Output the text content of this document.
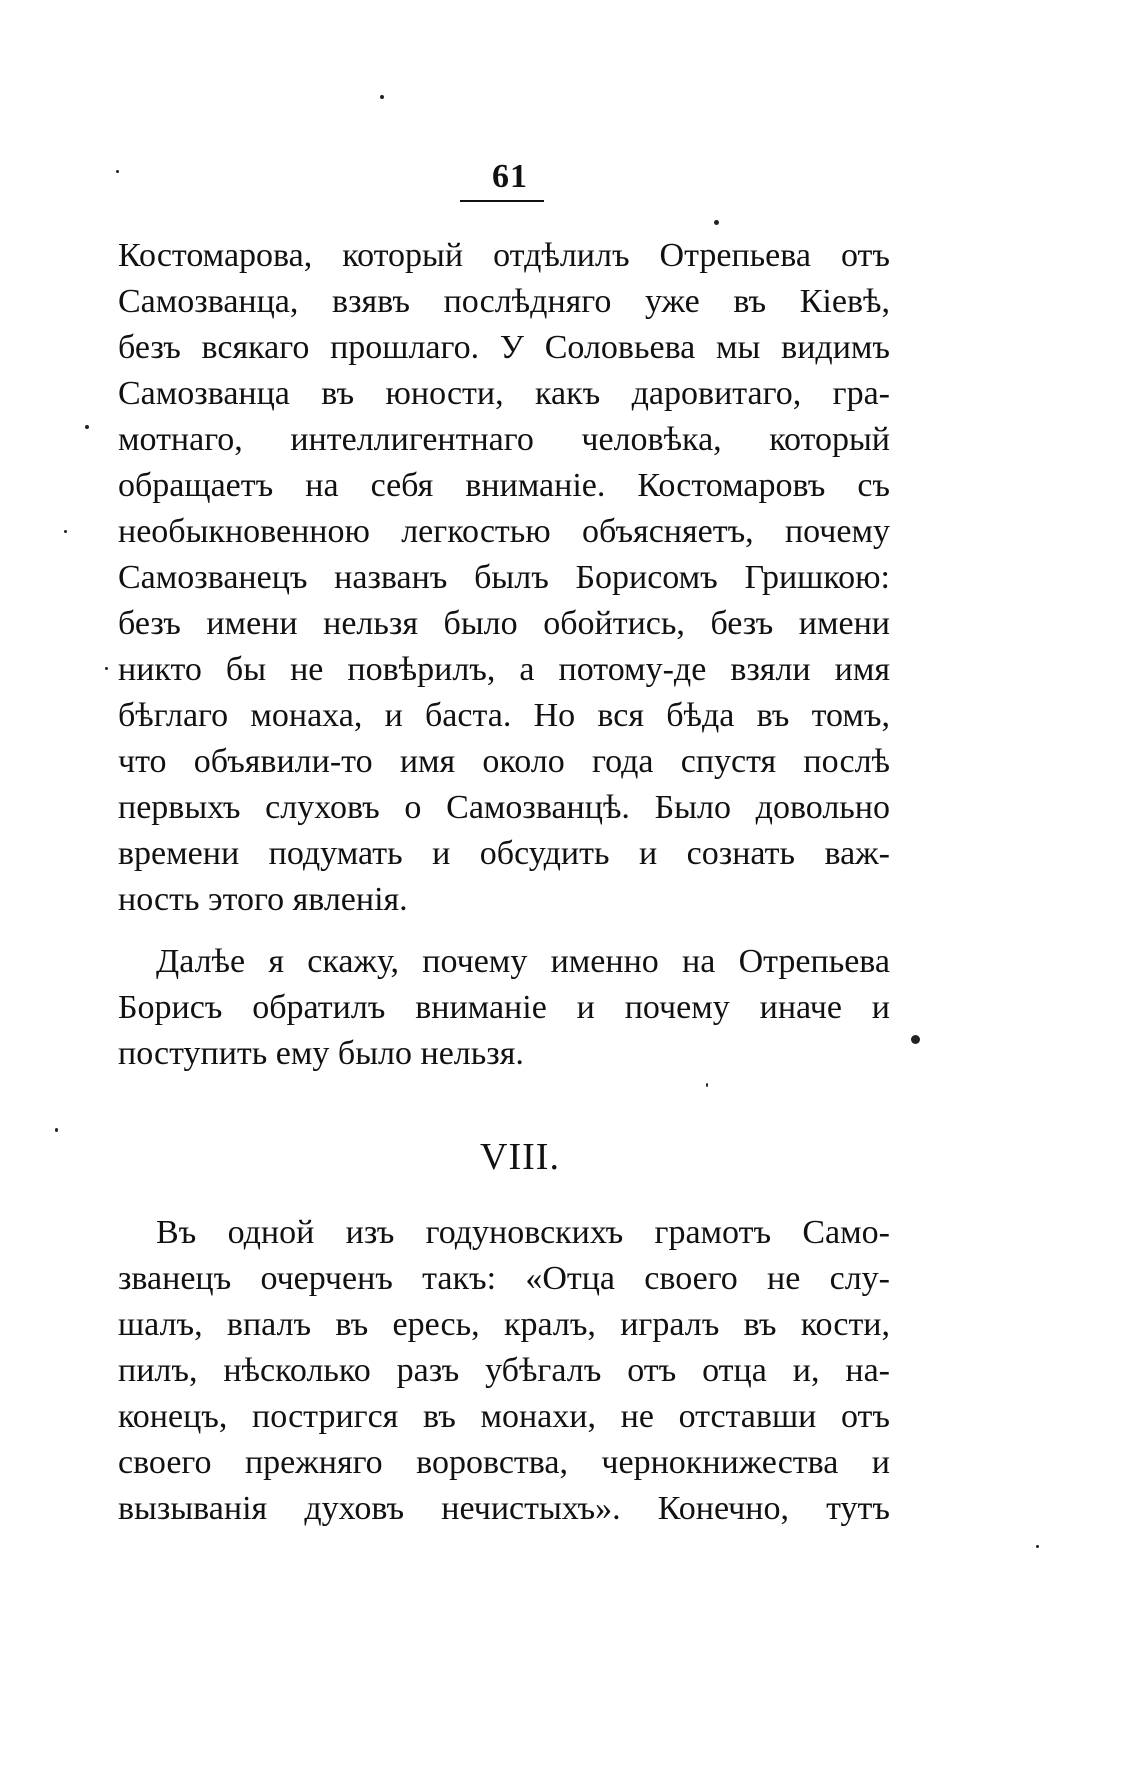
61
Костомарова, который отдѣлилъ Отрепьева отъ
Самозванца, взявъ послѣдняго уже въ Кіевѣ,
безъ всякаго прошлаго. У Соловьева мы видимъ
Самозванца въ юности, какъ даровитаго, гра-
мотнаго, интеллигентнаго человѣка, который
обращаетъ на себя вниманіе. Костомаровъ съ
необыкновенною легкостью объясняетъ, почему
Самозванецъ названъ былъ Борисомъ Гришкою:
безъ имени нельзя было обойтись, безъ имени
никто бы не повѣрилъ, а потому-де взяли имя
бѣглаго монаха, и баста. Но вся бѣда въ томъ,
что объявили-то имя около года спустя послѣ
первыхъ слуховъ о Самозванцѣ. Было довольно
времени подумать и обсудить и сознать важ-
ность этого явленія.
Далѣе я скажу, почему именно на Отрепьева
Борисъ обратилъ вниманіе и почему иначе и
поступить ему было нельзя.
VIII.
Въ одной изъ годуновскихъ грамотъ Само-
званецъ очерченъ такъ: «Отца своего не слу-
шалъ, впалъ въ ересь, кралъ, игралъ въ кости,
пилъ, нѣсколько разъ убѣгалъ отъ отца и, на-
конецъ, постригся въ монахи, не отставши отъ
своего прежняго воровства, чернокнижества и
вызыванія духовъ нечистыхъ». Конечно, тутъ
